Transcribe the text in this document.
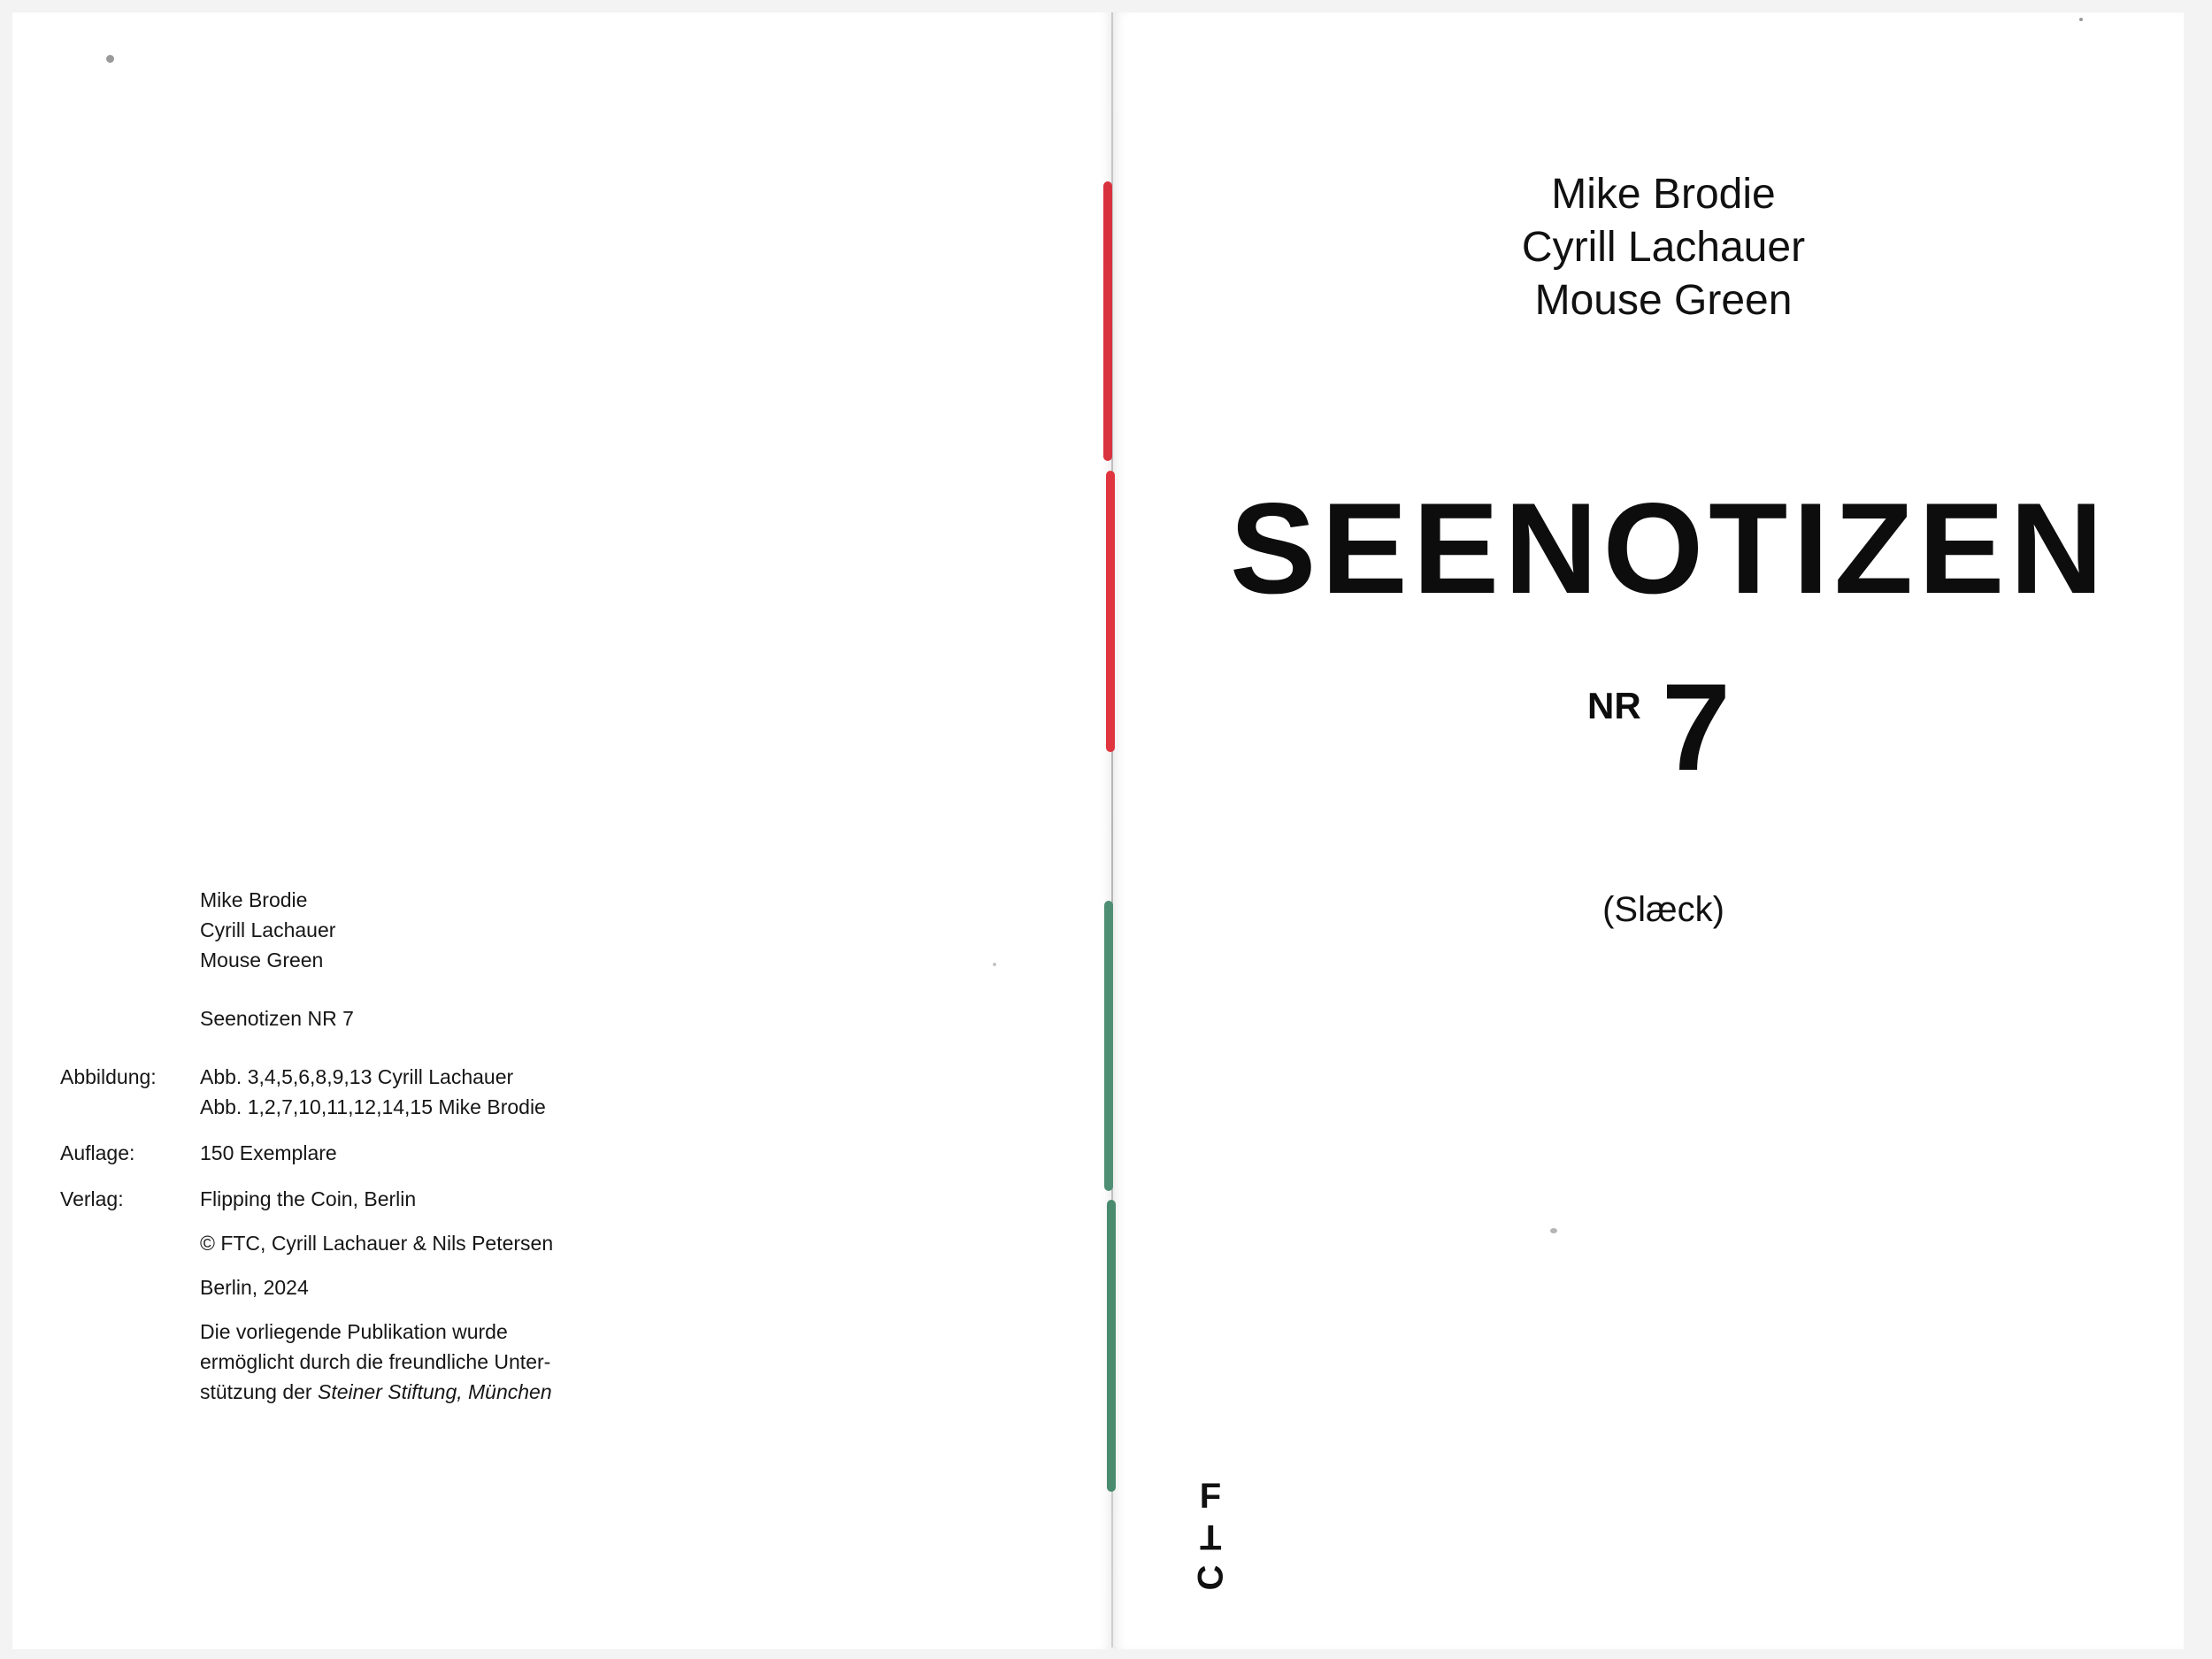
Mike Brodie
Cyrill Lachauer
Mouse Green
Seenotizen NR 7
Abbildung: Abb. 3,4,5,6,8,9,13 Cyrill Lachauer
Abb. 1,2,7,10,11,12,14,15 Mike Brodie
Auflage:	150 Exemplare
Verlag:	Flipping the Coin, Berlin
© FTC, Cyrill Lachauer & Nils Petersen
Berlin, 2024
Die vorliegende Publikation wurde
ermöglicht durch die freundliche Unter-
stützung der Steiner Stiftung, München
Mike Brodie
Cyrill Lachauer
Mouse Green
SEENOTIZEN
NR 7
(Slæck)
F
T
C
